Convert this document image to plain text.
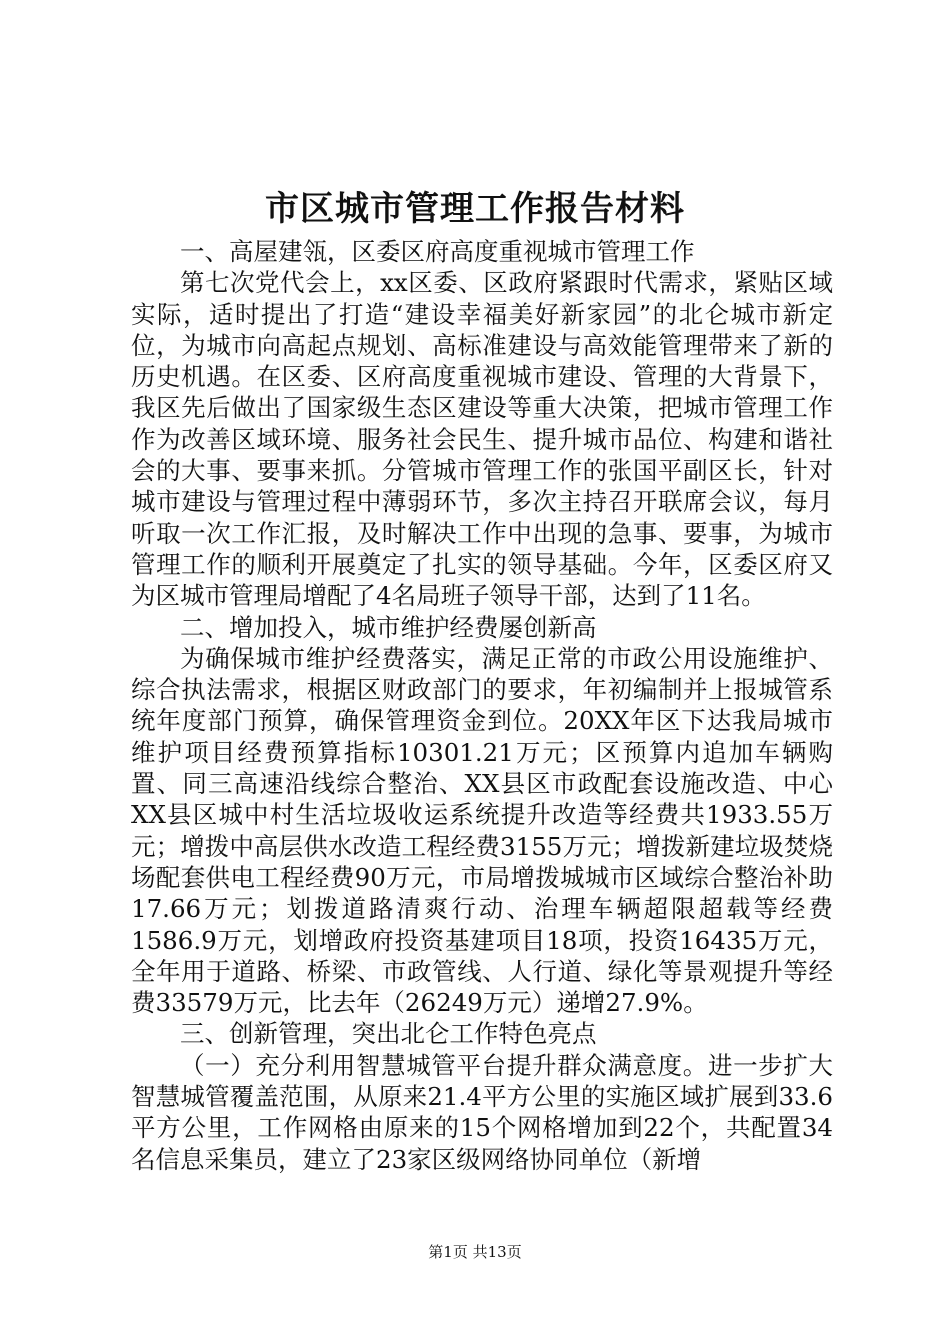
市区城市管理工作报告材料

一、高屋建瓴，区委区府高度重视城市管理工作

第七次党代会上，xx区委、区政府紧跟时代需求，紧贴区域实际，适时提出了打造“建设幸福美好新家园”的北仑城市新定位，为城市向高起点规划、高标准建设与高效能管理带来了新的历史机遇。在区委、区府高度重视城市建设、管理的大背景下，我区先后做出了国家级生态区建设等重大决策，把城市管理工作作为改善区域环境、服务社会民生、提升城市品位、构建和谐社会的大事、要事来抓。分管城市管理工作的张国平副区长，针对城市建设与管理过程中薄弱环节，多次主持召开联席会议，每月听取一次工作汇报，及时解决工作中出现的急事、要事，为城市管理工作的顺利开展奠定了扎实的领导基础。今年，区委区府又为区城市管理局增配了4名局班子领导干部，达到了11名。

二、增加投入，城市维护经费屡创新高

为确保城市维护经费落实，满足正常的市政公用设施维护、综合执法需求，根据区财政部门的要求，年初编制并上报城管系统年度部门预算，确保管理资金到位。20XX年区下达我局城市维护项目经费预算指标10301.21万元；区预算内追加车辆购置、同三高速沿线综合整治、XX县区市政配套设施改造、中心XX县区城中村生活垃圾收运系统提升改造等经费共1933.55万元；增拨中高层供水改造工程经费3155万元；增拨新建垃圾焚烧场配套供电工程经费90万元，市局增拨城城市区域综合整治补助17.66万元；划拨道路清爽行动、治理车辆超限超载等经费1586.9万元，划增政府投资基建项目18项，投资16435万元，全年用于道路、桥梁、市政管线、人行道、绿化等景观提升等经费33579万元，比去年（26249万元）递增27.9%。

三、创新管理，突出北仑工作特色亮点

（一）充分利用智慧城管平台提升群众满意度。进一步扩大智慧城管覆盖范围，从原来21.4平方公里的实施区域扩展到33.6平方公里，工作网格由原来的15个网格增加到22个，共配置34名信息采集员，建立了23家区级网络协同单位（新增

第1页 共13页
